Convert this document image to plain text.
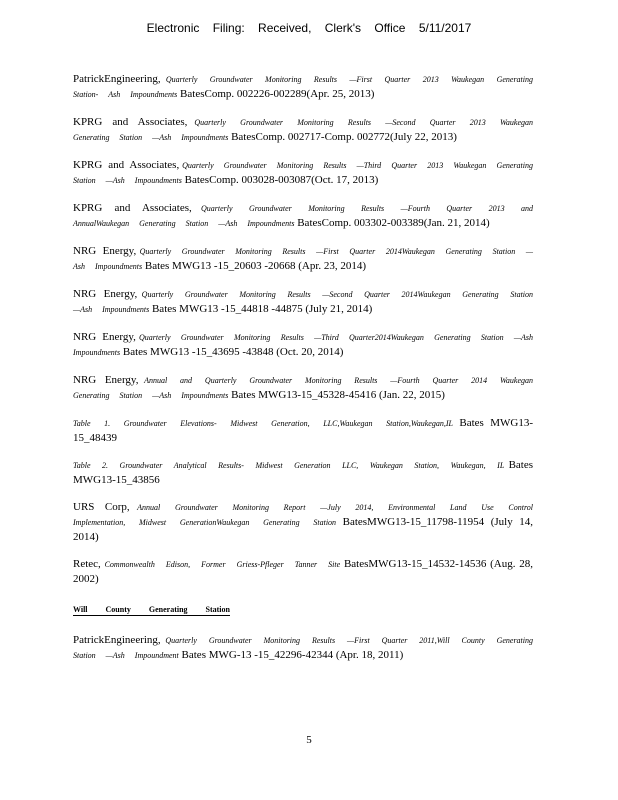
Electronic Filing: Received, Clerk's Office 5/11/2017
PatrickEngineering, Quarterly Groundwater Monitoring Results —First Quarter 2013 Waukegan Generating Station- Ash Impoundments BatesComp. 002226-002289(Apr. 25, 2013)
KPRG and Associates, Quarterly Groundwater Monitoring Results —Second Quarter 2013 Waukegan Generating Station —Ash Impoundments BatesComp. 002717-Comp. 002772(July 22, 2013)
KPRG and Associates, Quarterly Groundwater Monitoring Results —Third Quarter 2013 Waukegan Generating Station —Ash Impoundments BatesComp. 003028-003087(Oct. 17, 2013)
KPRG and Associates, Quarterly Groundwater Monitoring Results —Fourth Quarter 2013 and AnnualWaukegan Generating Station —Ash Impoundments BatesComp. 003302-003389(Jan. 21, 2014)
NRG Energy, Quarterly Groundwater Monitoring Results —First Quarter 2014Waukegan Generating Station —Ash Impoundments Bates MWG13 -15_20603 -20668 (Apr. 23, 2014)
NRG Energy, Quarterly Groundwater Monitoring Results —Second Quarter 2014Waukegan Generating Station —Ash Impoundments Bates MWG13 -15_44818 -44875 (July 21, 2014)
NRG Energy, Quarterly Groundwater Monitoring Results —Third Quarter2014Waukegan Generating Station —Ash Impoundments Bates MWG13 -15_43695 -43848 (Oct. 20, 2014)
NRG Energy, Annual and Quarterly Groundwater Monitoring Results —Fourth Quarter 2014 Waukegan Generating Station —Ash Impoundments Bates MWG13-15_45328-45416 (Jan. 22, 2015)
Table 1. Groundwater Elevations- Midwest Generation, LLC,Waukegan Station,Waukegan,IL Bates MWG13-15_48439
Table 2. Groundwater Analytical Results- Midwest Generation LLC, Waukegan Station, Waukegan, IL Bates MWG13-15_43856
URS Corp, Annual Groundwater Monitoring Report —July 2014, Environmental Land Use Control Implementation, Midwest GenerationWaukegan Generating Station BatesMWG13-15_11798-11954 (July 14, 2014)
Retec, Commonwealth Edison, Former Griess-Pfleger Tanner Site BatesMWG13-15_14532-14536 (Aug. 28, 2002)
Will County Generating Station
PatrickEngineering, Quarterly Groundwater Monitoring Results —First Quarter 2011,Will County Generating Station —Ash Impoundment Bates MWG-13 -15_42296-42344 (Apr. 18, 2011)
5
